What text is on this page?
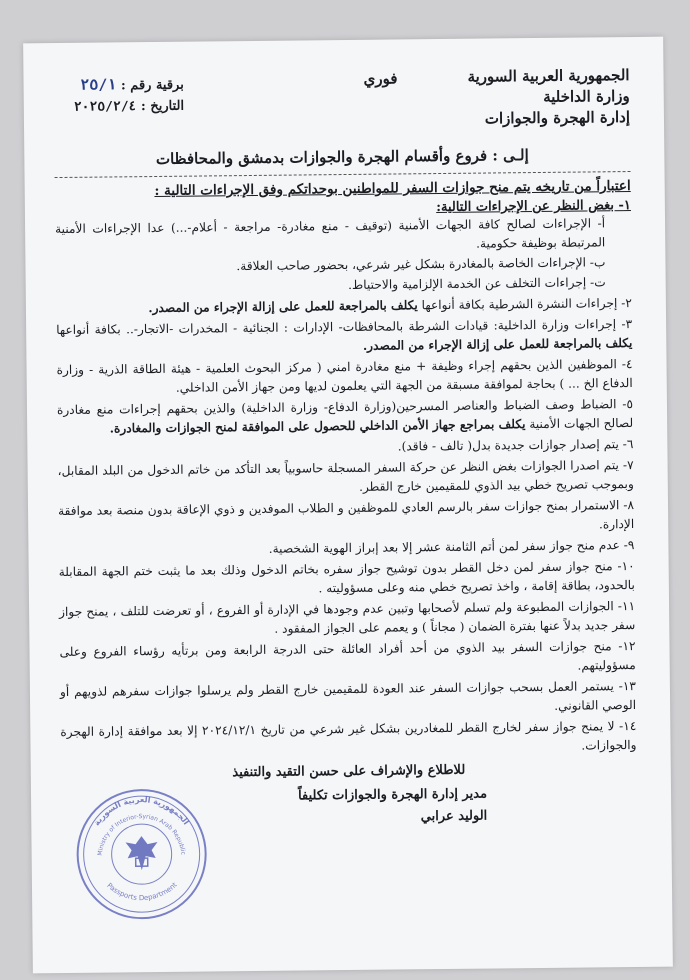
الجمهورية العربية السورية
وزارة الداخلية
إدارة الهجرة والجوازات
فوري
برقية رقم : ٢٥/١
التاريخ : ٢٠٢٥/٢/٤
إلـى : فروع وأقسام الهجرة والجوازات بدمشق والمحافظات
اعتباراً من تاريخه يتم منح جوازات السفر للمواطنين بوحداتكم وفق الإجراءات التالية :
١- بغض النظر عن الإجراءات التالية:
أ- الإجراءات لصالح كافة الجهات الأمنية (توقيف - منع مغادرة- مراجعة - أعلام-...) عدا الإجراءات الأمنية المرتبطة بوظيفة حكومية.
ب- الإجراءات الخاصة بالمغادرة بشكل غير شرعي، بحضور صاحب العلاقة.
ت- إجراءات التخلف عن الخدمة الإلزامية والاحتياط.
٢- إجراءات النشرة الشرطية بكافة أنواعها يكلف بالمراجعة للعمل على إزالة الإجراء من المصدر.
٣- إجراءات وزارة الداخلية: قيادات الشرطة بالمحافظات- الإدارات : الجنائية - المخدرات -الاتجار-.. بكافة أنواعها يكلف بالمراجعة للعمل على إزالة الإجراء من المصدر.
٤- الموظفين الذين بحقهم إجراء وظيفة + منع مغادرة امني ( مركز البحوث العلمية - هيئة الطاقة الذرية - وزارة الدفاع الخ ... ) بحاجة لموافقة مسبقة من الجهة التي يعلمون لديها ومن جهاز الأمن الداخلي.
٥- الضباط وصف الضباط والعناصر المسرحين(وزارة الدفاع- وزارة الداخلية) والذين بحقهم إجراءات منع مغادرة لصالح الجهات الأمنية يكلف بمراجع جهاز الأمن الداخلي للحصول على الموافقة لمنح الجوازات والمغادرة.
٦- يتم إصدار جوازات جديدة بدل( تالف - فاقد).
٧- يتم اصدرا الجوازات بغض النظر عن حركة السفر المسجلة حاسوبياً بعد التأكد من خاتم الدخول من البلد المقابل، وبموجب تصريح خطي بيد الذوي للمقيمين خارج القطر.
٨- الاستمرار بمنح جوازات سفر بالرسم العادي للموظفين و الطلاب الموفدين و ذوي الإعاقة بدون منصة بعد موافقة الإدارة.
٩- عدم منح جواز سفر لمن أتم الثامنة عشر إلا بعد إبراز الهوية الشخصية.
١٠- منح جواز سفر لمن دخل القطر بدون توشيح جواز سفره بخاتم الدخول وذلك بعد ما يثبت ختم الجهة المقابلة بالحدود، بطاقة إقامة ، واخذ تصريح خطي منه وعلى مسؤوليته .
١١- الجوازات المطبوعة ولم تسلم لأصحابها وتبين عدم وجودها في الإدارة أو الفروع ، أو تعرضت للتلف ، يمنح جواز سفر جديد بدلاً عنها بفترة الضمان ( مجاناً ) و يعمم على الجواز المفقود .
١٢- منح جوازات السفر بيد الذوي من أحد أفراد العائلة حتى الدرجة الرابعة ومن برتأيه رؤساء الفروع وعلى مسؤوليتهم.
١٣- يستمر العمل بسحب جوازات السفر عند العودة للمقيمين خارج القطر ولم يرسلوا جوازات سفرهم لذويهم أو الوصي القانوني.
١٤- لا يمنح جواز سفر لخارج القطر للمغادرين بشكل غير شرعي من تاريخ ٢٠٢٤/١٢/١ إلا بعد موافقة إدارة الهجرة والجوازات.
للاطلاع والإشراف على حسن التقيد والتنفيذ
مدير إدارة الهجرة والجوازات تكليفاً
الوليد عرابي
الجمهورية العربية السورية
Ministry of Interior-Syrian Arab Republic
Passports Department
